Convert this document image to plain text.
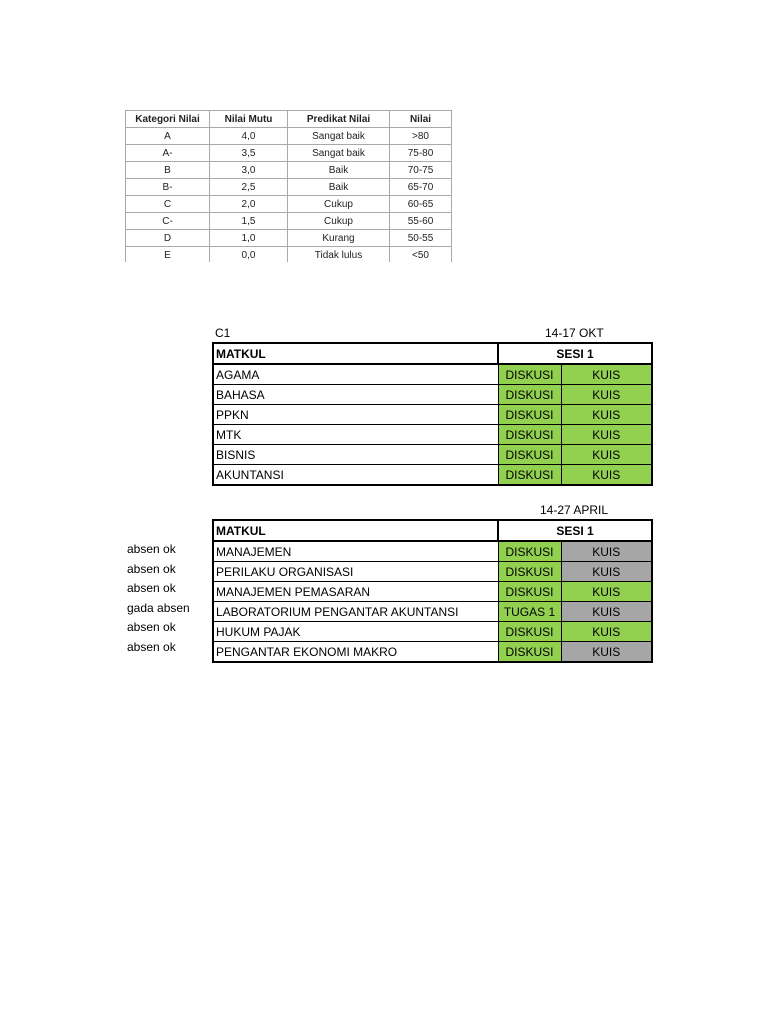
Kategori Nilai	Nilai Mutu	Predikat Nilai	Nilai
A	4,0	Sangat baik	>80
A-	3,5	Sangat baik	75-80
B	3,0	Baik	70-75
B-	2,5	Baik	65-70
C	2,0	Cukup	60-65
C-	1,5	Cukup	55-60
D	1,0	Kurang	50-55
E	0,0	Tidak lulus	<50
C1	14-17 OKT
MATKUL	SESI 1	
AGAMA	DISKUSI	KUIS
BAHASA	DISKUSI	KUIS
PPKN	DISKUSI	KUIS
MTK	DISKUSI	KUIS
BISNIS	DISKUSI	KUIS
AKUNTANSI	DISKUSI	KUIS
14-27 APRIL
MATKUL	SESI 1	
MANAJEMEN	DISKUSI	KUIS
PERILAKU ORGANISASI	DISKUSI	KUIS
MANAJEMEN PEMASARAN	DISKUSI	KUIS
LABORATORIUM PENGANTAR AKUNTANSI	TUGAS 1	KUIS
HUKUM PAJAK	DISKUSI	KUIS
PENGANTAR EKONOMI MAKRO	DISKUSI	KUIS
absen ok
absen ok
absen ok
gada absen
absen ok
absen ok
